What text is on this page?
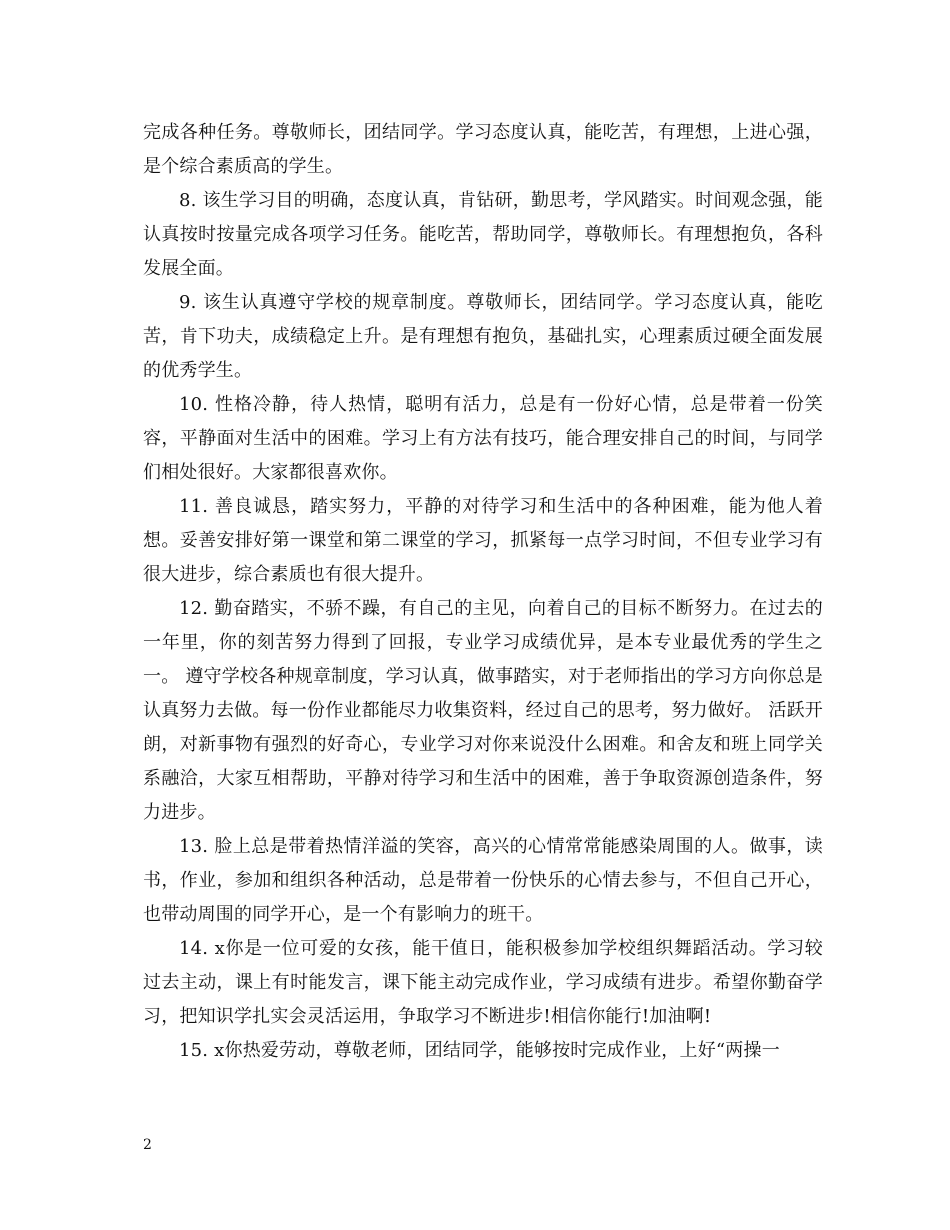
完成各种任务。尊敬师长，团结同学。学习态度认真，能吃苦，有理想，上进心强，是个综合素质高的学生。

8. 该生学习目的明确，态度认真，肯钻研，勤思考，学风踏实。时间观念强，能认真按时按量完成各项学习任务。能吃苦，帮助同学，尊敬师长。有理想抱负，各科发展全面。

9. 该生认真遵守学校的规章制度。尊敬师长，团结同学。学习态度认真，能吃苦，肯下功夫，成绩稳定上升。是有理想有抱负，基础扎实，心理素质过硬全面发展的优秀学生。

10. 性格冷静，待人热情，聪明有活力，总是有一份好心情，总是带着一份笑容，平静面对生活中的困难。学习上有方法有技巧，能合理安排自己的时间，与同学们相处很好。大家都很喜欢你。

11. 善良诚恳，踏实努力，平静的对待学习和生活中的各种困难，能为他人着想。妥善安排好第一课堂和第二课堂的学习，抓紧每一点学习时间，不但专业学习有很大进步，综合素质也有很大提升。

12. 勤奋踏实，不骄不躁，有自己的主见，向着自己的目标不断努力。在过去的一年里，你的刻苦努力得到了回报，专业学习成绩优异，是本专业最优秀的学生之一。 遵守学校各种规章制度，学习认真，做事踏实，对于老师指出的学习方向你总是认真努力去做。每一份作业都能尽力收集资料，经过自己的思考，努力做好。 活跃开朗，对新事物有强烈的好奇心，专业学习对你来说没什么困难。和舍友和班上同学关系融洽，大家互相帮助，平静对待学习和生活中的困难，善于争取资源创造条件，努力进步。

13. 脸上总是带着热情洋溢的笑容，高兴的心情常常能感染周围的人。做事，读书，作业，参加和组织各种活动，总是带着一份快乐的心情去参与，不但自己开心，也带动周围的同学开心，是一个有影响力的班干。

14. x你是一位可爱的女孩，能干值日，能积极参加学校组织舞蹈活动。学习较过去主动，课上有时能发言，课下能主动完成作业，学习成绩有进步。希望你勤奋学习，把知识学扎实会灵活运用，争取学习不断进步!相信你能行!加油啊!

15. x你热爱劳动，尊敬老师，团结同学，能够按时完成作业，上好“两操一

2
